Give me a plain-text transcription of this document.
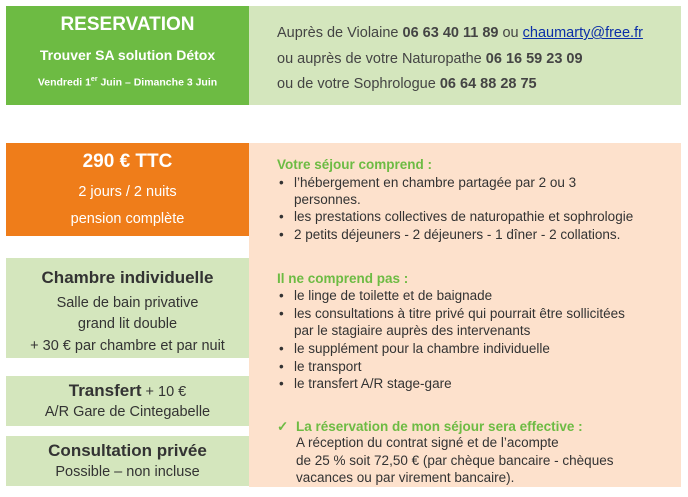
RESERVATION
Trouver SA solution Détox
Vendredi 1er Juin – Dimanche 3 Juin
Auprès de Violaine 06 63 40 11 89 ou chaumarty@free.fr
ou auprès de votre Naturopathe 06 16 59 23 09
ou de votre Sophrologue 06 64 88 28 75
290 € TTC
2 jours / 2 nuits
pension complète
Chambre individuelle
Salle de bain privative
grand lit double
+ 30 € par chambre et par nuit
Transfert + 10 €
A/R Gare de Cintegabelle
Consultation privée
Possible – non incluse
Votre séjour comprend :
• l’hébergement en chambre partagée par 2 ou 3
personnes.
• les prestations collectives de naturopathie et sophrologie
• 2 petits déjeuners - 2 déjeuners - 1 dîner - 2 collations.
Il ne comprend pas :
• le linge de toilette et de baignade
• les consultations à titre privé qui pourrait être sollicitées
par le stagiaire auprès des intervenants
• le supplément pour la chambre individuelle
• le transport
• le transfert A/R stage-gare
✓ La réservation de mon séjour sera effective :
A réception du contrat signé et de l’acompte
de 25 % soit 72,50 € (par chèque bancaire - chèques
vacances ou par virement bancaire).
